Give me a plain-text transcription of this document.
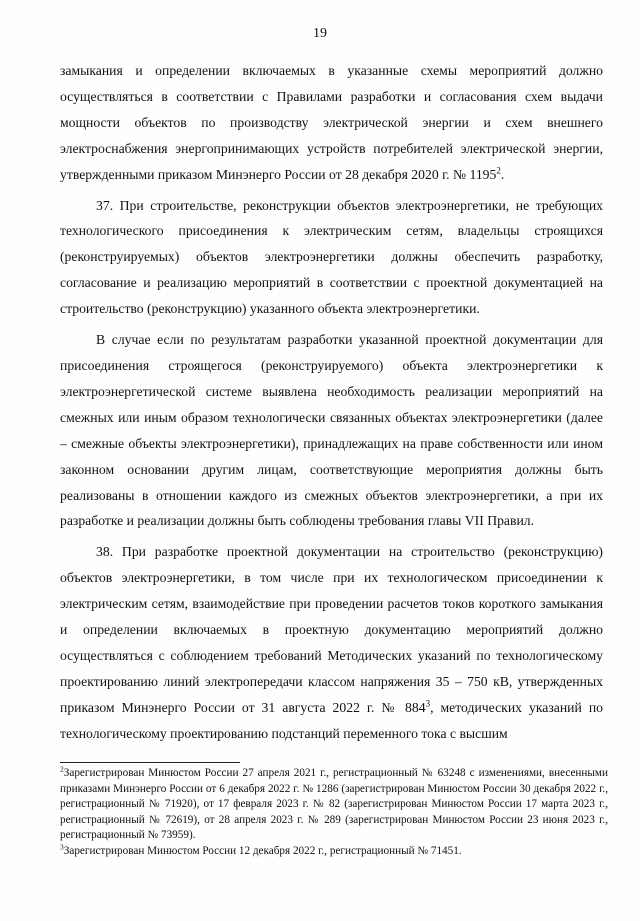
19

замыкания и определении включаемых в указанные схемы мероприятий должно осуществляться в соответствии с Правилами разработки и согласования схем выдачи мощности объектов по производству электрической энергии и схем внешнего электроснабжения энергопринимающих устройств потребителей электрической энергии, утвержденными приказом Минэнерго России от 28 декабря 2020 г. № 1195$^2$.

37. При строительстве, реконструкции объектов электроэнергетики, не требующих технологического присоединения к электрическим сетям, владельцы строящихся (реконструируемых) объектов электроэнергетики должны обеспечить разработку, согласование и реализацию мероприятий в соответствии с проектной документацией на строительство (реконструкцию) указанного объекта электроэнергетики.

В случае если по результатам разработки указанной проектной документации для присоединения строящегося (реконструируемого) объекта электроэнергетики к электроэнергетической системе выявлена необходимость реализации мероприятий на смежных или иным образом технологически связанных объектах электроэнергетики (далее – смежные объекты электроэнергетики), принадлежащих на праве собственности или ином законном основании другим лицам, соответствующие мероприятия должны быть реализованы в отношении каждого из смежных объектов электроэнергетики, а при их разработке и реализации должны быть соблюдены требования главы VII Правил.

38. При разработке проектной документации на строительство (реконструкцию) объектов электроэнергетики, в том числе при их технологическом присоединении к электрическим сетям, взаимодействие при проведении расчетов токов короткого замыкания и определении включаемых в проектную документацию мероприятий должно осуществляться с соблюдением требований Методических указаний по технологическому проектированию линий электропередачи классом напряжения 35 – 750 кВ, утвержденных приказом Минэнерго России от 31 августа 2022 г. № $884^3$, методических указаний по технологическому проектированию подстанций переменного тока с высшим

$^2$Зарегистрирован Минюстом России 27 апреля 2021 г., регистрационный № 63248 с изменениями, внесенными приказами Минэнерго России от 6 декабря 2022 г. № 1286 (зарегистрирован Минюстом России 30 декабря 2022 г., регистрационный № 71920), от 17 февраля 2023 г. № 82 (зарегистрирован Минюстом России 17 марта 2023 г., регистрационный № 72619), от 28 апреля 2023 г. № 289 (зарегистрирован Минюстом России 23 июня 2023 г., регистрационный № 73959).

$^3$Зарегистрирован Минюстом России 12 декабря 2022 г., регистрационный № 71451.
